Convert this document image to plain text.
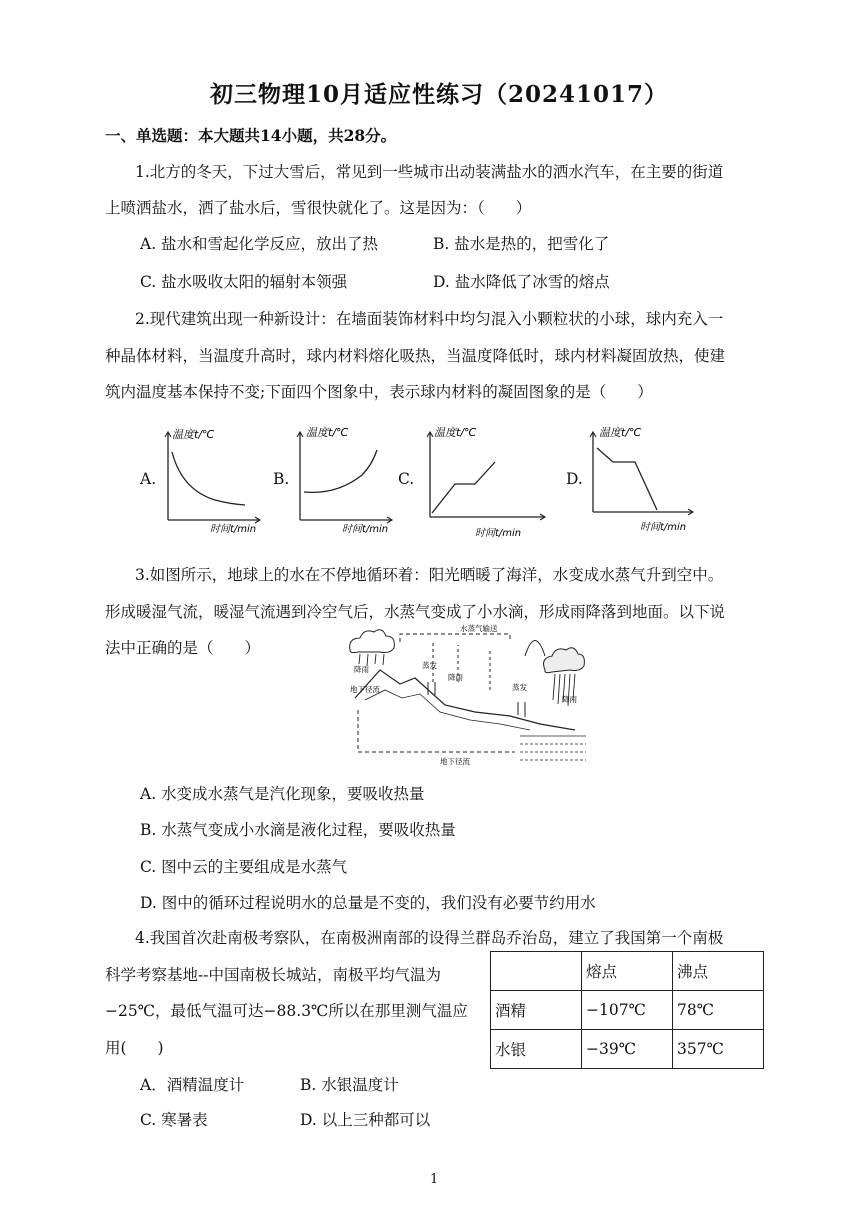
初三物理10月适应性练习（20241017）
一、单选题：本大题共14小题，共28分。
1.北方的冬天，下过大雪后，常见到一些城市出动装满盐水的洒水汽车，在主要的街道
上喷洒盐水，洒了盐水后，雪很快就化了。这是因为：（　　）
A. 盐水和雪起化学反应，放出了热	B. 盐水是热的，把雪化了
C. 盐水吸收太阳的辐射本领强	D. 盐水降低了冰雪的熔点
2.现代建筑出现一种新设计：在墙面装饰材料中均匀混入小颗粒状的小球，球内充入一
种晶体材料，当温度升高时，球内材料熔化吸热，当温度降低时，球内材料凝固放热，使建
筑内温度基本保持不变;下面四个图象中，表示球内材料的凝固图象的是（　　）
A.
温度t/℃
时间t/min
B.
温度t/℃
时间t/min
C.
温度t/℃
时间t/min
D.
温度t/℃
时间t/min
3.如图所示，地球上的水在不停地循环着：阳光晒暖了海洋，水变成水蒸气升到空中。
形成暖湿气流，暖湿气流遇到冷空气后，水蒸气变成了小水滴，形成雨降落到地面。以下说
法中正确的是（　　）
水蒸气输送
降雨	蒸发
降雨
地下径流	蒸发
降雨
地下径流
A. 水变成水蒸气是汽化现象，要吸收热量
B. 水蒸气变成小水滴是液化过程，要吸收热量
C. 图中云的主要组成是水蒸气
D. 图中的循环过程说明水的总量是不变的，我们没有必要节约用水
4.我国首次赴南极考察队，在南极洲南部的设得兰群岛乔治岛，建立了我国第一个南极
科学考察基地--中国南极长城站，南极平均气温为
−25℃，最低气温可达−88.3℃所以在那里测气温应
用(　　)
A．酒精温度计	B. 水银温度计
C. 寒暑表	D. 以上三种都可以
	熔点	沸点
酒精	−107℃	78℃
水银	−39℃	357℃
1
